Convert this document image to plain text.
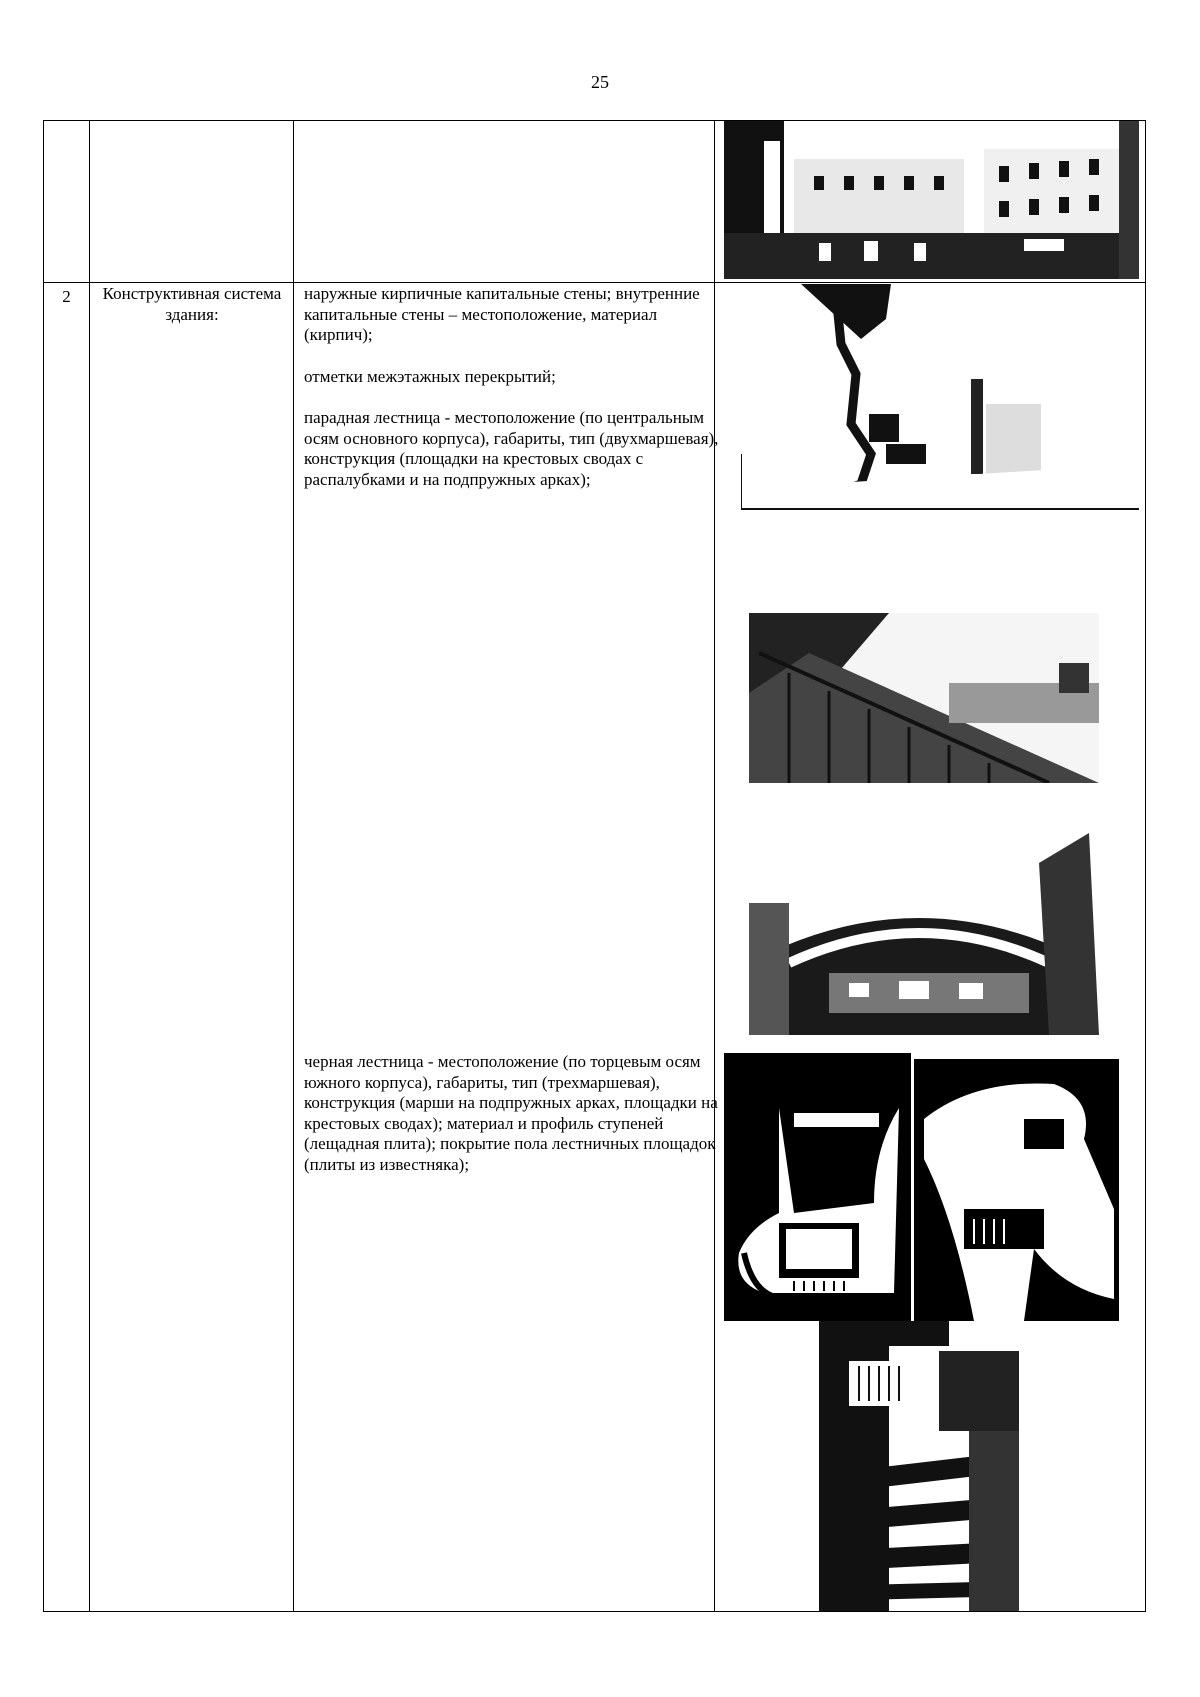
25
2	Конструктивная система здания:

наружные кирпичные капитальные стены; внутренние капитальные стены – местоположение, материал (кирпич);

отметки межэтажных перекрытий;

парадная лестница - местоположение (по центральным осям основного корпуса), габариты, тип (двухмаршевая), конструкция (площадки на крестовых сводах с распалубками и на подпружных арках);

черная лестница - местоположение (по торцевым осям южного корпуса), габариты, тип (трехмаршевая), конструкция (марши на подпружных арках, площадки на крестовых сводах); материал и профиль ступеней (лещадная плита); покрытие пола лестничных площадок (плиты из известняка);
